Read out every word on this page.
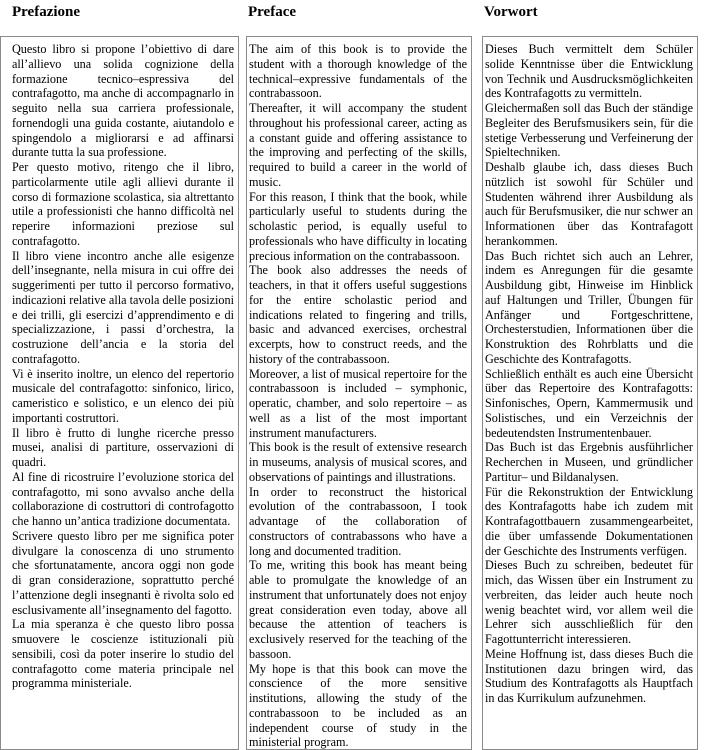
Prefazione

Questo libro si propone l’obiettivo di dare all’allievo una solida cognizione della formazione tecnico–espressiva del contrafagotto, ma anche di accompagnarlo in seguito nella sua carriera professionale, fornendogli una guida costante, aiutandolo e spingendolo a migliorarsi e ad affinarsi durante tutta la sua professione.

Per questo motivo, ritengo che il libro, particolarmente utile agli allievi durante il corso di formazione scolastica, sia altrettanto utile a professionisti che hanno difficoltà nel reperire informazioni preziose sul contrafagotto.

Il libro viene incontro anche alle esigenze dell’insegnante, nella misura in cui offre dei suggerimenti per tutto il percorso formativo, indicazioni relative alla tavola delle posizioni e dei trilli, gli esercizi d’apprendimento e di specializzazione, i passi d’orchestra, la costruzione dell’ancia e la storia del contrafagotto.

Vi è inserito inoltre, un elenco del repertorio musicale del contrafagotto: sinfonico, lirico, cameristico e solistico, e un elenco dei più importanti costruttori.

Il libro è frutto di lunghe ricerche presso musei, analisi di partiture, osservazioni di quadri.

Al fine di ricostruire l’evoluzione storica del contrafagotto, mi sono avvalso anche della collaborazione di costruttori di controfagotto che hanno un’antica tradizione documentata.

Scrivere questo libro per me significa poter divulgare la conoscenza di uno strumento che sfortunatamente, ancora oggi non gode di gran considerazione, soprattutto perché l’attenzione degli insegnanti è rivolta solo ed esclusivamente all’insegnamento del fagotto.

La mia speranza è che questo libro possa smuovere le coscienze istituzionali più sensibili, così da poter inserire lo studio del contrafagotto come materia principale nel programma ministeriale.

Preface

The aim of this book is to provide the student with a thorough knowledge of the technical–expressive fundamentals of the contrabassoon.

Thereafter, it will accompany the student throughout his professional career, acting as a constant guide and offering assistance to the improving and perfecting of the skills, required to build a career in the world of music.

For this reason, I think that the book, while particularly useful to students during the scholastic period, is equally useful to professionals who have difficulty in locating precious information on the contrabassoon.

The book also addresses the needs of teachers, in that it offers useful suggestions for the entire scholastic period and indications related to fingering and trills, basic and advanced exercises, orchestral excerpts, how to construct reeds, and the history of the contrabassoon.

Moreover, a list of musical repertoire for the contrabassoon is included – symphonic, operatic, chamber, and solo repertoire – as well as a list of the most important instrument manufacturers.

This book is the result of extensive research in museums, analysis of musical scores, and observations of paintings and illustrations.

In order to reconstruct the historical evolution of the contrabassoon, I took advantage of the collaboration of constructors of contrabassons who have a long and documented tradition.

To me, writing this book has meant being able to promulgate the knowledge of an instrument that unfortunately does not enjoy great consideration even today, above all because the attention of teachers is exclusively reserved for the teaching of the bassoon.

My hope is that this book can move the conscience of the more sensitive institutions, allowing the study of the contrabassoon to be included as an independent course of study in the ministerial program.

Vorwort

Dieses Buch vermittelt dem Schüler solide Kenntnisse über die Entwicklung von Technik und Ausdrucksmöglichkeiten des Kontrafagotts zu vermitteln.

Gleichermaßen soll das Buch der ständige Begleiter des Berufsmusikers sein, für die stetige Verbesserung und Verfeinerung der Spieltechniken.

Deshalb glaube ich, dass dieses Buch nützlich ist sowohl für Schüler und Studenten während ihrer Ausbildung als auch für Berufsmusiker, die nur schwer an Informationen über das Kontrafagott herankommen.

Das Buch richtet sich auch an Lehrer, indem es Anregungen für die gesamte Ausbildung gibt, Hinweise im Hinblick auf Haltungen und Triller, Übungen für Anfänger und Fortgeschrittene, Orchesterstudien, Informationen über die Konstruktion des Rohrblatts und die Geschichte des Kontrafagotts.

Schließlich enthält es auch eine Übersicht über das Repertoire des Kontrafagotts: Sinfonisches, Opern, Kammermusik und Solistisches, und ein Verzeichnis der bedeutendsten Instrumentenbauer.

Das Buch ist das Ergebnis ausführlicher Recherchen in Museen, und gründlicher Partitur– und Bildanalysen.

Für die Rekonstruktion der Entwicklung des Kontrafagotts habe ich zudem mit Kontrafagottbauern zusammengearbeitet, die über umfassende Dokumentationen der Geschichte des Instruments verfügen.

Dieses Buch zu schreiben, bedeutet für mich, das Wissen über ein Instrument zu verbreiten, das leider auch heute noch wenig beachtet wird, vor allem weil die Lehrer sich ausschließlich für den Fagottunterricht interessieren.

Meine Hoffnung ist, dass dieses Buch die Institutionen dazu bringen wird, das Studium des Kontrafagotts als Hauptfach in das Kurrikulum aufzunehmen.
